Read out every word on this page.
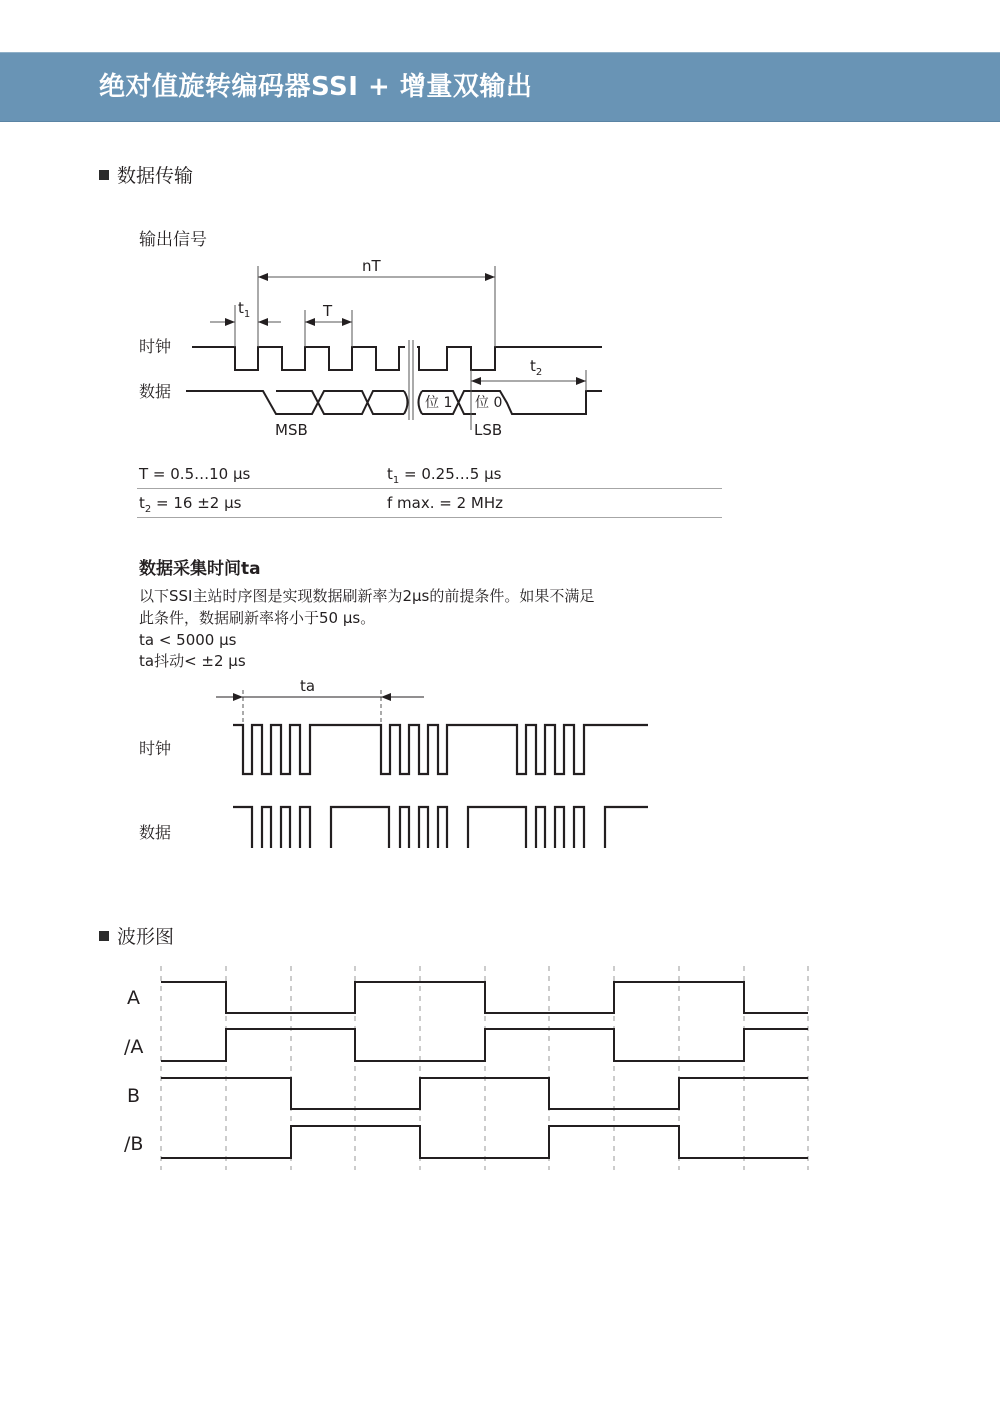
绝对值旋转编码器SSI + 增量双输出
数据传输
输出信号
时钟
数据
nT
$t_1$	T
$t_2$
位 1 位 0
MSB	LSB
T = 0.5…10 μs	$t_1$ = 0.25…5 μs
$t_2 = 16 \pm 2$ μs	f max. = 2 MHz
数据采集时间ta
以下SSI主站时序图是实现数据刷新率为2μs的前提条件。如果不满足
此条件，数据刷新率将小于50 μs。
ta < 5000 μs
ta抖动< ±2 μs
ta
时钟
数据
波形图
A
/A
B
/B
